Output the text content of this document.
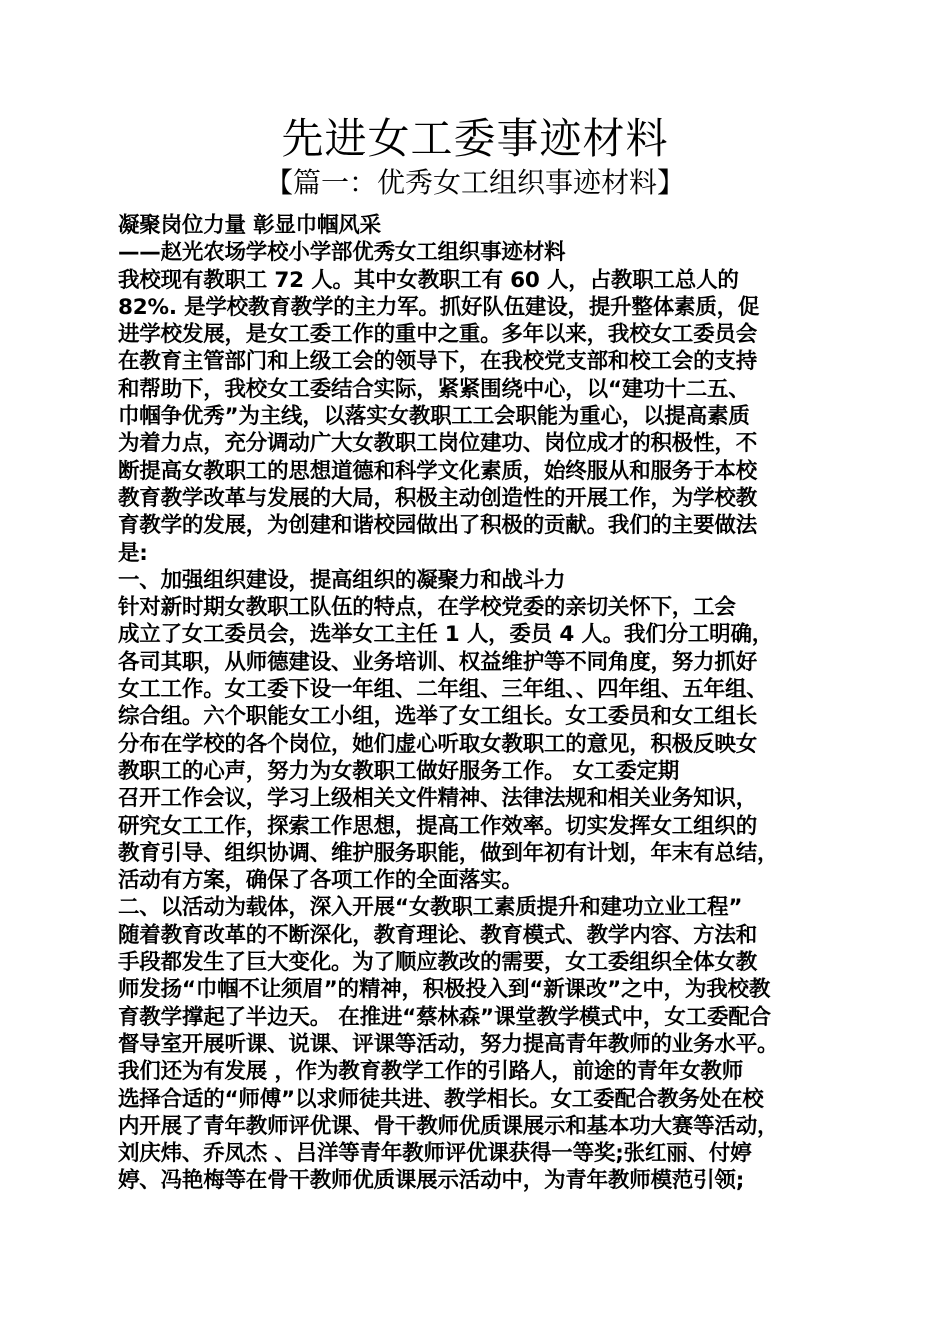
先进女工委事迹材料
【篇一：优秀女工组织事迹材料】
凝聚岗位力量 彰显巾帼风采
——赵光农场学校小学部优秀女工组织事迹材料
我校现有教职工 72 人。其中女教职工有 60 人，占教职工总人的
82%. 是学校教育教学的主力军。抓好队伍建设，提升整体素质，促
进学校发展，是女工委工作的重中之重。多年以来，我校女工委员会
在教育主管部门和上级工会的领导下，在我校党支部和校工会的支持
和帮助下，我校女工委结合实际，紧紧围绕中心，以“建功十二五、
巾帼争优秀”为主线，以落实女教职工工会职能为重心，以提高素质
为着力点，充分调动广大女教职工岗位建功、岗位成才的积极性，不
断提高女教职工的思想道德和科学文化素质，始终服从和服务于本校
教育教学改革与发展的大局，积极主动创造性的开展工作，为学校教
育教学的发展，为创建和谐校园做出了积极的贡献。我们的主要做法
是:
一、加强组织建设，提高组织的凝聚力和战斗力
针对新时期女教职工队伍的特点，在学校党委的亲切关怀下，工会
成立了女工委员会，选举女工主任 1 人，委员 4 人。我们分工明确，
各司其职，从师德建设、业务培训、权益维护等不同角度，努力抓好
女工工作。女工委下设一年组、二年组、三年组、、四年组、五年组、
综合组。六个职能女工小组，选举了女工组长。女工委员和女工组长
分布在学校的各个岗位，她们虚心听取女教职工的意见，积极反映女
教职工的心声，努力为女教职工做好服务工作。 女工委定期
召开工作会议，学习上级相关文件精神、法律法规和相关业务知识，
研究女工工作，探索工作思想，提高工作效率。切实发挥女工组织的
教育引导、组织协调、维护服务职能，做到年初有计划，年末有总结，
活动有方案，确保了各项工作的全面落实。
二、以活动为载体，深入开展“女教职工素质提升和建功立业工程”
随着教育改革的不断深化，教育理论、教育模式、教学内容、方法和
手段都发生了巨大变化。为了顺应教改的需要，女工委组织全体女教
师发扬“巾帼不让须眉”的精神，积极投入到“新课改”之中，为我校教
育教学撑起了半边天。 在推进“蔡林森”课堂教学模式中，女工委配合
督导室开展听课、说课、评课等活动，努力提高青年教师的业务水平。
我们还为有发展 ，作为教育教学工作的引路人，前途的青年女教师
选择合适的“师傅”以求师徒共进、教学相长。女工委配合教务处在校
内开展了青年教师评优课、骨干教师优质课展示和基本功大赛等活动，
刘庆炜、乔凤杰 、吕洋等青年教师评优课获得一等奖;张红丽、付婷
婷、冯艳梅等在骨干教师优质课展示活动中，为青年教师模范引领;
